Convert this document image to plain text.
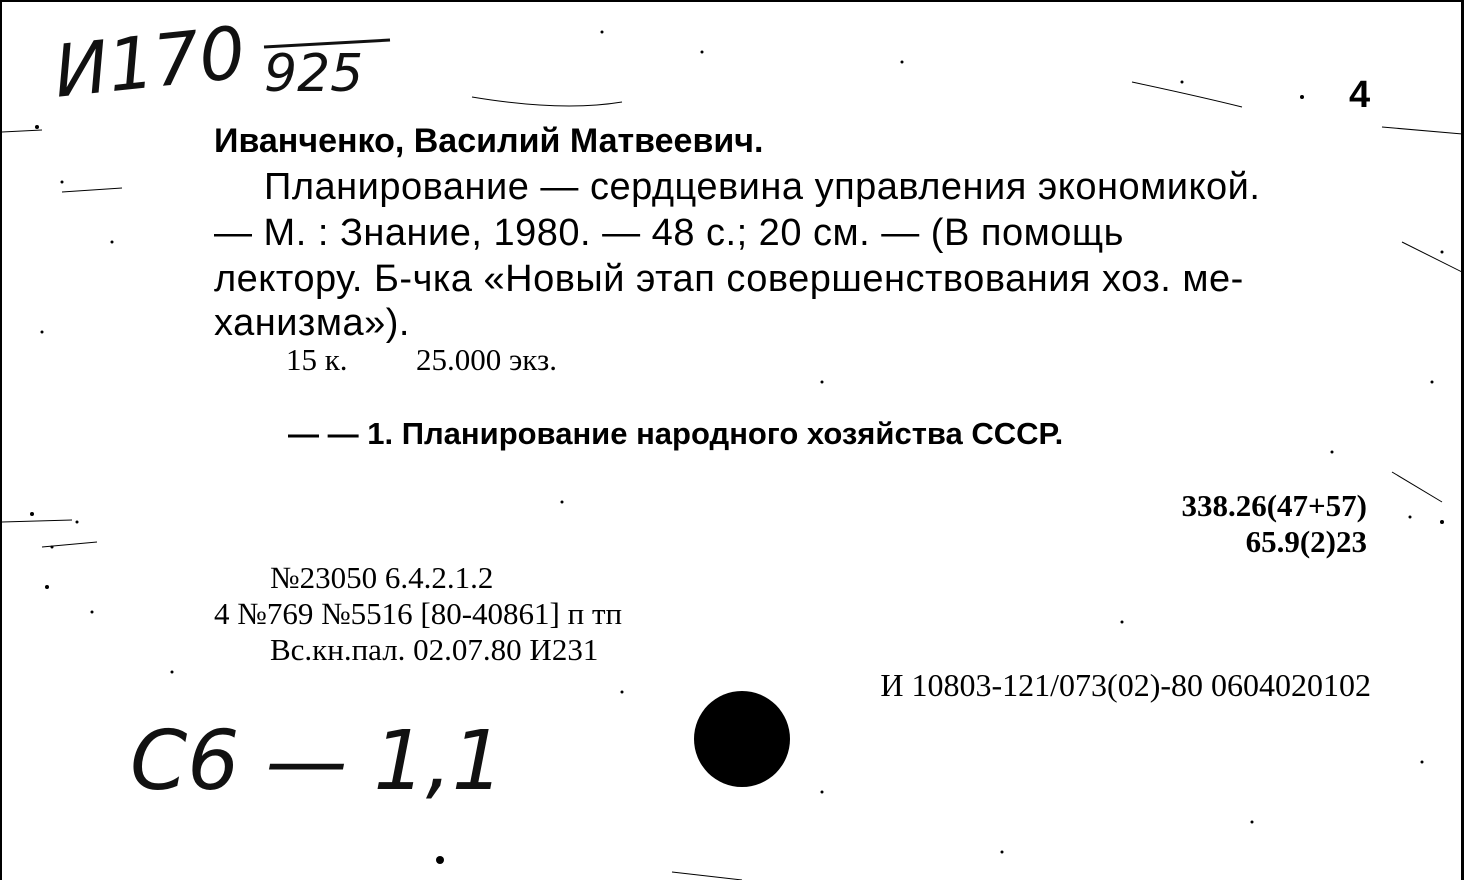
И170 925	4
Иванченко, Василий Матвеевич.
Планирование — сердцевина управления экономикой.
— М. : Знание, 1980. — 48 с.; 20 см. — (В помощь
лектору. Б-чка «Новый этап совершенствования хоз. ме-
ханизма»).
15 к. 25.000 экз.
— — 1. Планирование народного хозяйства СССР.
338.26(47+57)
65.9(2)23
№23050 6.4.2.1.2
4 №769 №5516 [80-40861] п тп
Вс.кн.пал. 02.07.80 И231
И 10803-121/073(02)-80 0604020102
С6 — 1,1
